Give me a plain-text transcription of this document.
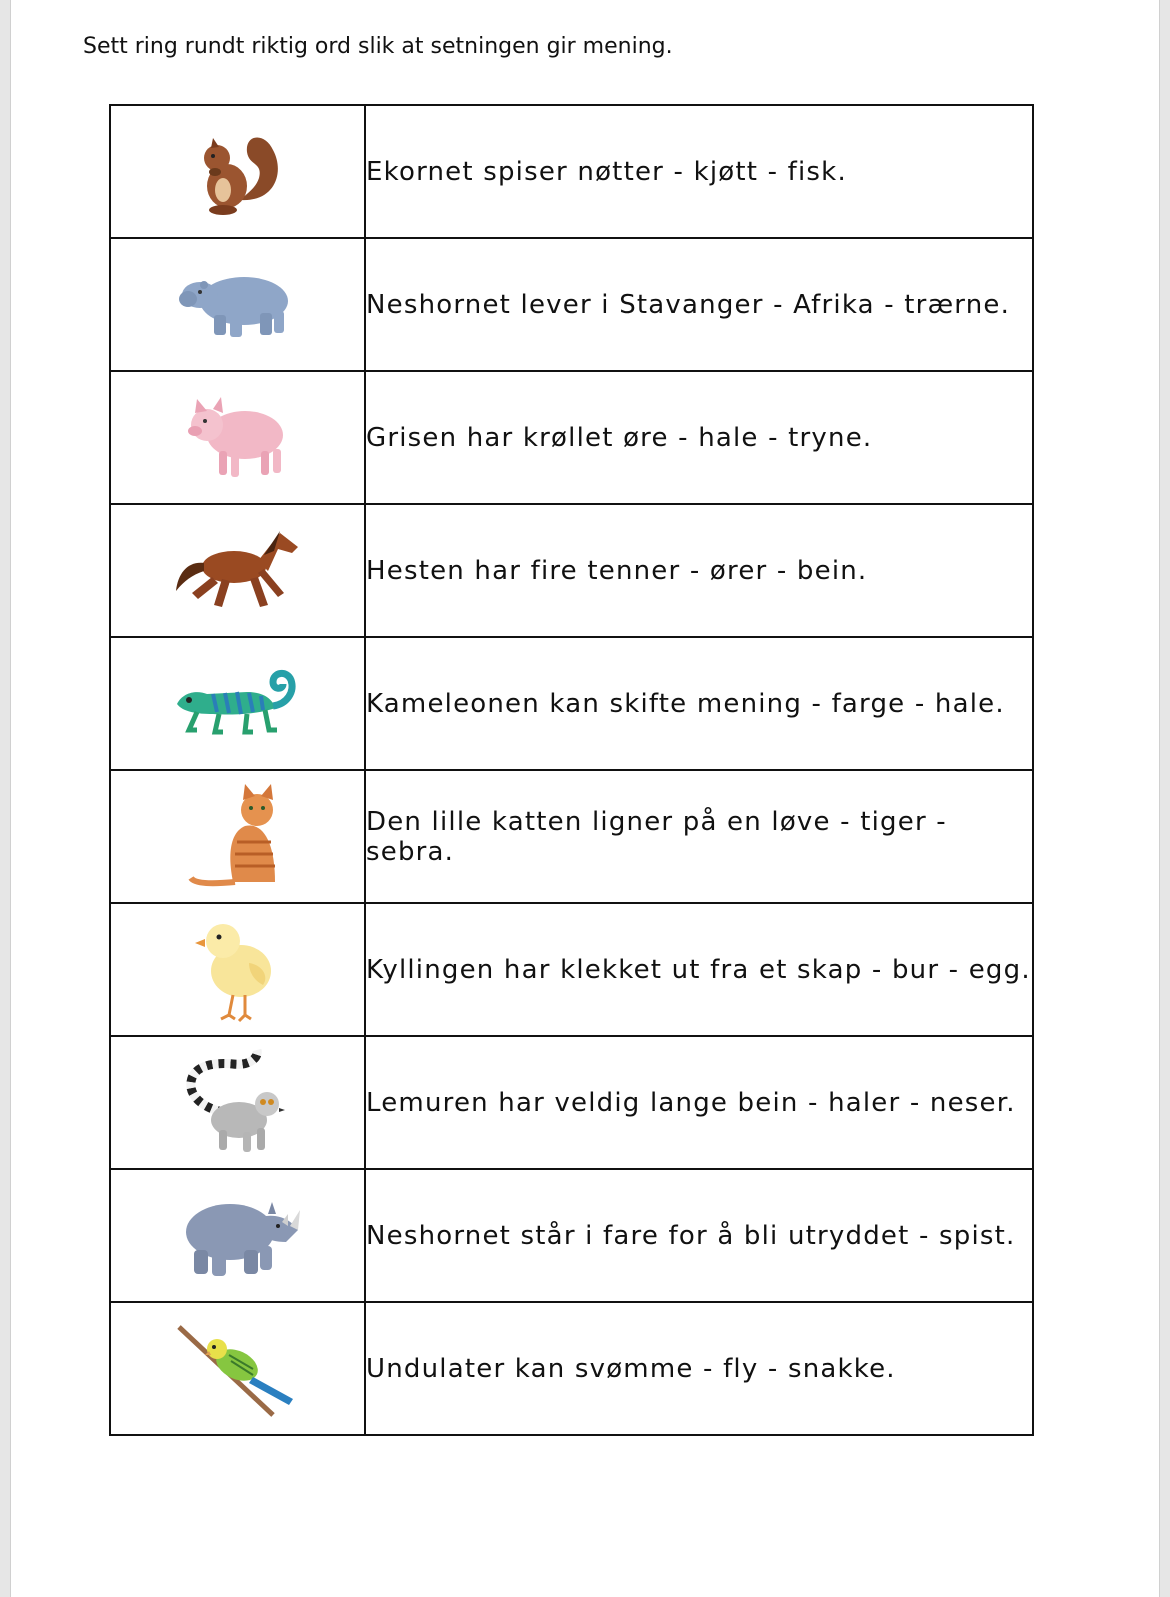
Sett ring rundt riktig ord slik at setningen gir mening.
	Ekornet spiser nøtter - kjøtt - fisk.

	Neshornet lever i Stavanger - Afrika - trærne.

	Grisen har krøllet øre - hale - tryne.

	Hesten har fire tenner - ører - bein.

	Kameleonen kan skifte mening - farge - hale.

	Den lille katten ligner på en løve - tiger - sebra.

	Kyllingen har klekket ut fra et skap - bur - egg.

	Lemuren har veldig lange bein - haler - neser.

	Neshornet står i fare for å bli utryddet - spist.

	Undulater kan svømme - fly - snakke.
